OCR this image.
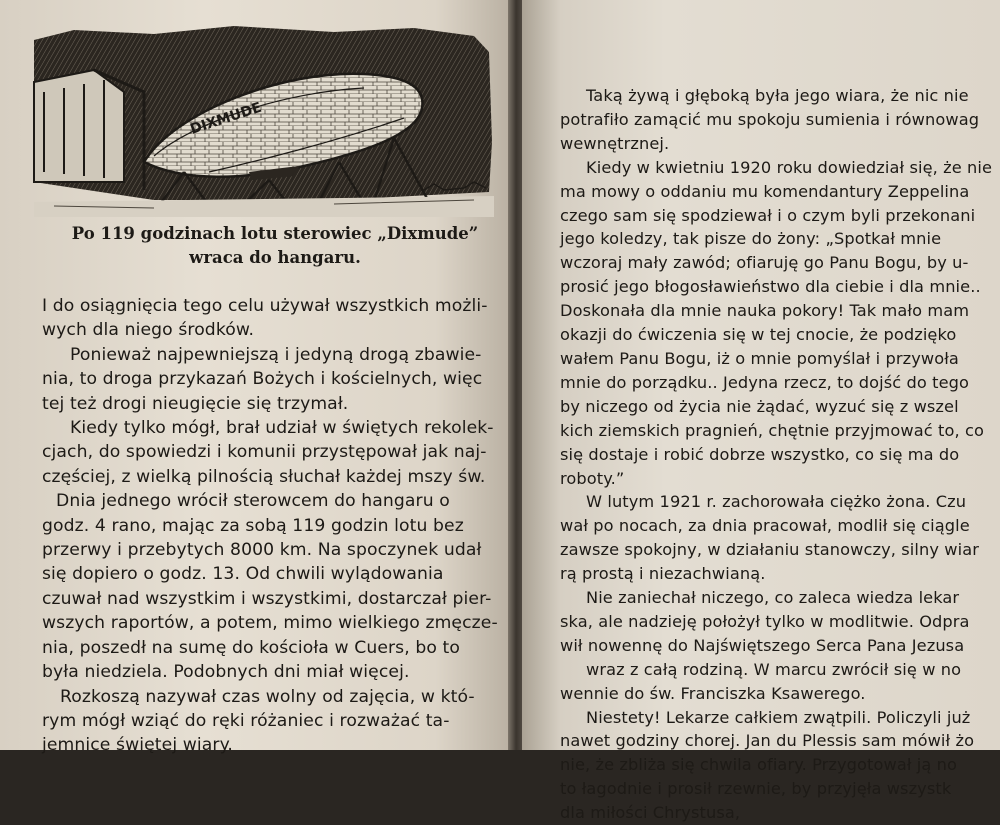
DIXMUDE
Po 119 godzinach lotu sterowiec „Dixmude”
wraca do hangaru.
I do osiągnięcia tego celu używał wszystkich możli-
wych dla niego środków.
Ponieważ najpewniejszą i jedyną drogą zbawie-
nia, to droga przykazań Bożych i kościelnych, więc
tej też drogi nieugięcie się trzymał.
Kiedy tylko mógł, brał udział w świętych rekolek-
cjach, do spowiedzi i komunii przystępował jak naj-
częściej, z wielką pilnością słuchał każdej mszy św.
Dnia jednego wrócił sterowcem do hangaru o
godz. 4 rano, mając za sobą 119 godzin lotu bez
przerwy i przebytych 8000 km. Na spoczynek udał
się dopiero o godz. 13. Od chwili wylądowania
czuwał nad wszystkim i wszystkimi, dostarczał pier-
wszych raportów, a potem, mimo wielkiego zmęcze-
nia, poszedł na sumę do kościoła w Cuers, bo to
była niedziela. Podobnych dni miał więcej.
Rozkoszą nazywał czas wolny od zajęcia, w któ-
rym mógł wziąć do ręki różaniec i rozważać ta-
jemnice świętej wiary.
Taką żywą i głęboką była jego wiara, że nic nie
potrafiło zamącić mu spokoju sumienia i równowag
wewnętrznej.
Kiedy w kwietniu 1920 roku dowiedział się, że nie
ma mowy o oddaniu mu komendantury Zeppelina
czego sam się spodziewał i o czym byli przekonani
jego koledzy, tak pisze do żony: „Spotkał mnie
wczoraj mały zawód; ofiaruję go Panu Bogu, by u-
prosić jego błogosławieństwo dla ciebie i dla mnie..
Doskonała dla mnie nauka pokory! Tak mało mam
okazji do ćwiczenia się w tej cnocie, że podzięko
wałem Panu Bogu, iż o mnie pomyślał i przywoła
mnie do porządku.. Jedyna rzecz, to dojść do tego
by niczego od życia nie żądać, wyzuć się z wszel
kich ziemskich pragnień, chętnie przyjmować to, co
się dostaje i robić dobrze wszystko, co się ma do
roboty.”
W lutym 1921 r. zachorowała ciężko żona. Czu
wał po nocach, za dnia pracował, modlił się ciągle
zawsze spokojny, w działaniu stanowczy, silny wiar
rą prostą i niezachwianą.
Nie zaniechał niczego, co zaleca wiedza lekar
ska, ale nadzieję położył tylko w modlitwie. Odpra
wił nowennę do Najświętszego Serca Pana Jezusa
wraz z całą rodziną. W marcu zwrócił się w no
wennie do św. Franciszka Ksawerego.
Niestety! Lekarze całkiem zwątpili. Policzyli już
nawet godziny chorej. Jan du Plessis sam mówił żo
nie, że zbliża się chwila ofiary. Przygotował ją no
to łagodnie i prosił rzewnie, by przyjęła wszystk
dla miłości Chrystusa,
